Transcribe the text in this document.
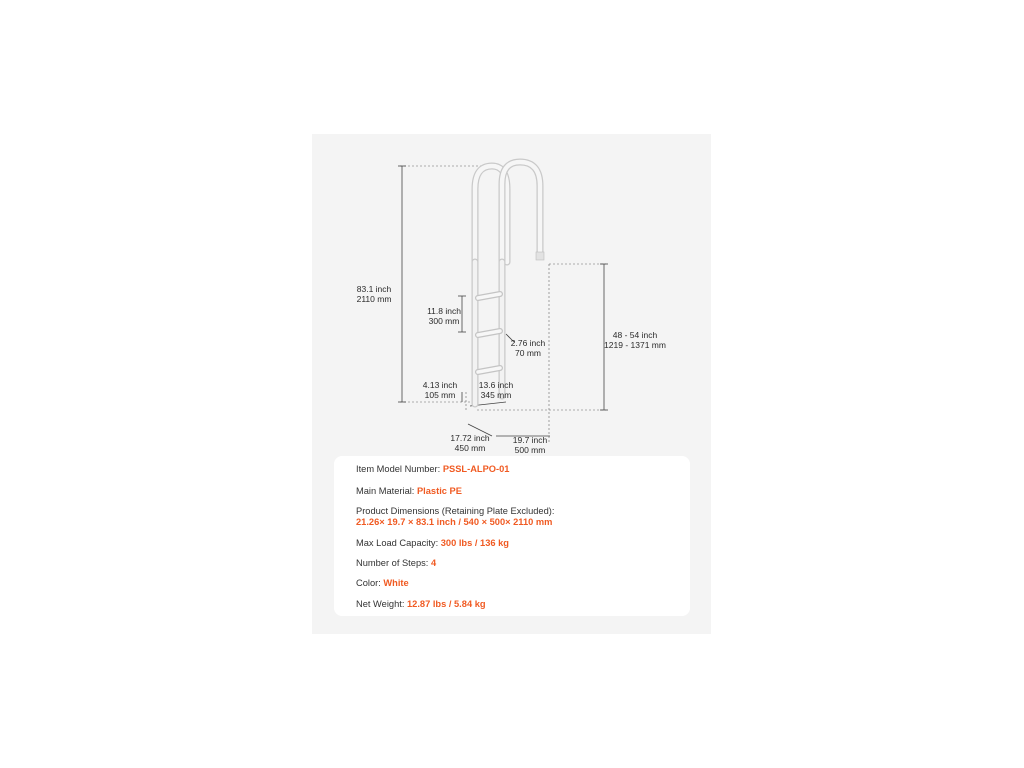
83.1 inch
2110 mm
11.8 inch
300 mm
2.76 inch
70 mm
48 - 54 inch
1219 - 1371 mm
4.13 inch
105 mm
13.6 inch
345 mm
17.72 inch
450 mm
19.7 inch
500 mm
Item Model Number: PSSL-ALPO-01
Main Material: Plastic PE
Product Dimensions (Retaining Plate Excluded):
21.26× 19.7 × 83.1 inch / 540 × 500× 2110 mm
Max Load Capacity: 300 lbs / 136 kg
Number of Steps: 4
Color: White
Net Weight: 12.87 lbs / 5.84 kg
